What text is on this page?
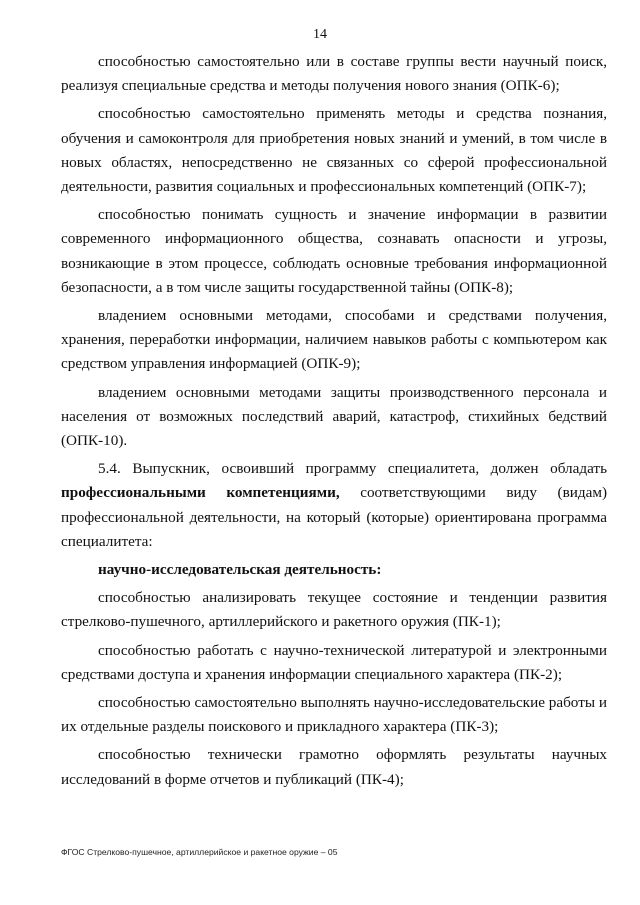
14

способностью самостоятельно или в составе группы вести научный поиск, реализуя специальные средства и методы получения нового знания (ОПК-6);

способностью самостоятельно применять методы и средства познания, обучения и самоконтроля для приобретения новых знаний и умений, в том числе в новых областях, непосредственно не связанных со сферой профессиональной деятельности, развития социальных и профессиональных компетенций (ОПК-7);

способностью понимать сущность и значение информации в развитии современного информационного общества, сознавать опасности и угрозы, возникающие в этом процессе, соблюдать основные требования информационной безопасности, а в том числе защиты государственной тайны (ОПК-8);

владением основными методами, способами и средствами получения, хранения, переработки информации, наличием навыков работы с компьютером как средством управления информацией (ОПК-9);

владением основными методами защиты производственного персонала и населения от возможных последствий аварий, катастроф, стихийных бедствий (ОПК-10).

5.4. Выпускник, освоивший программу специалитета, должен обладать профессиональными компетенциями, соответствующими виду (видам) профессиональной деятельности, на который (которые) ориентирована программа специалитета:

научно-исследовательская деятельность:

способностью анализировать текущее состояние и тенденции развития стрелково-пушечного, артиллерийского и ракетного оружия (ПК-1);

способностью работать с научно-технической литературой и электронными средствами доступа и хранения информации специального характера (ПК-2);

способностью самостоятельно выполнять научно-исследовательские работы и их отдельные разделы поискового и прикладного характера (ПК-3);

способностью технически грамотно оформлять результаты научных исследований в форме отчетов и публикаций (ПК-4);

ФГОС Стрелково-пушечное, артиллерийское и ракетное оружие – 05
